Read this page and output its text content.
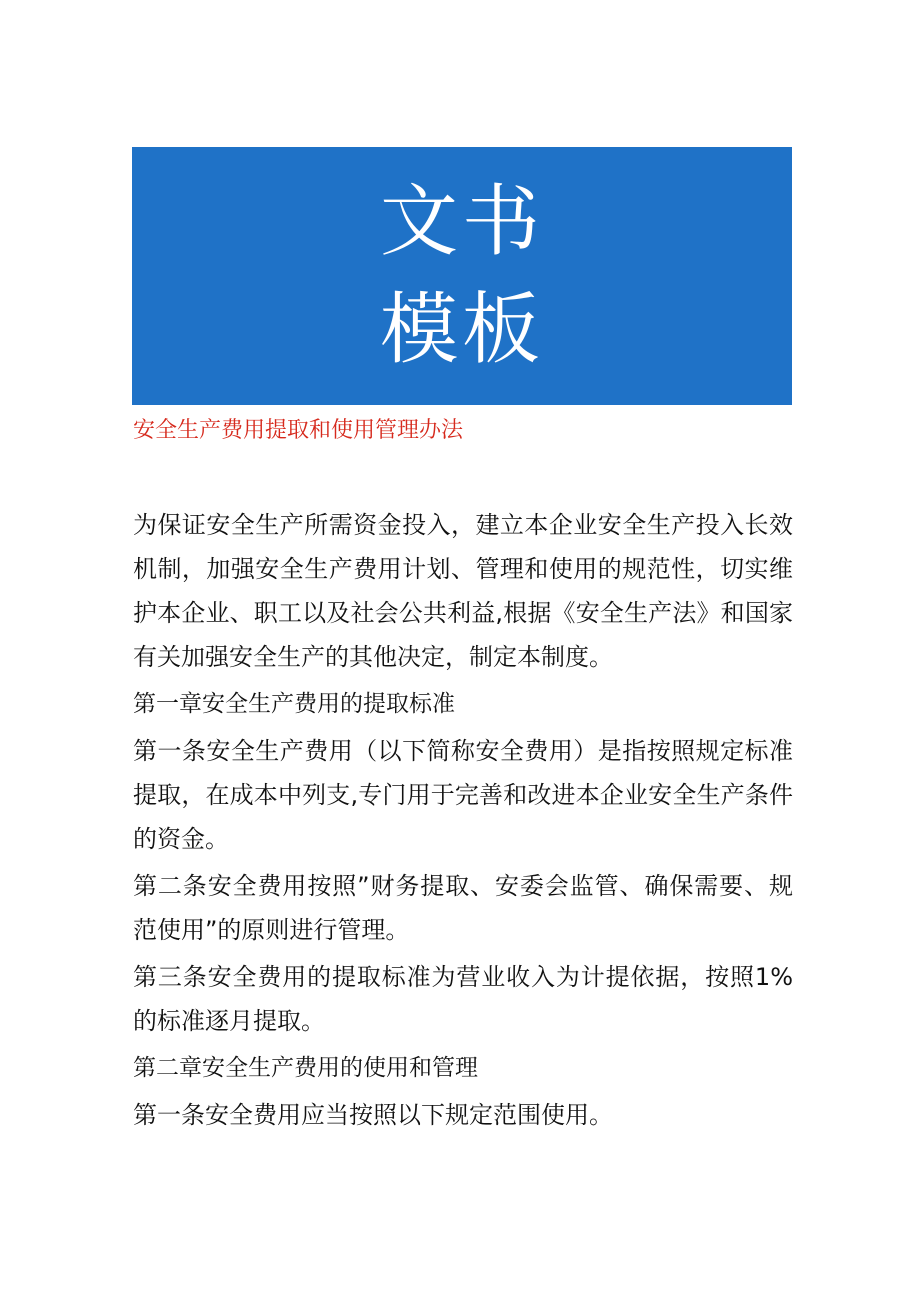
文书
模板
安全生产费用提取和使用管理办法

为保证安全生产所需资金投入，建立本企业安全生产投入长效机制，加强安全生产费用计划、管理和使用的规范性，切实维护本企业、职工以及社会公共利益,根据《安全生产法》和国家有关加强安全生产的其他决定，制定本制度。

第一章安全生产费用的提取标准

第一条安全生产费用（以下简称安全费用）是指按照规定标准提取，在成本中列支,专门用于完善和改进本企业安全生产条件的资金。

第二条安全费用按照”财务提取、安委会监管、确保需要、规范使用”的原则进行管理。

第三条安全费用的提取标准为营业收入为计提依据，按照1%的标准逐月提取。

第二章安全生产费用的使用和管理

第一条安全费用应当按照以下规定范围使用。
